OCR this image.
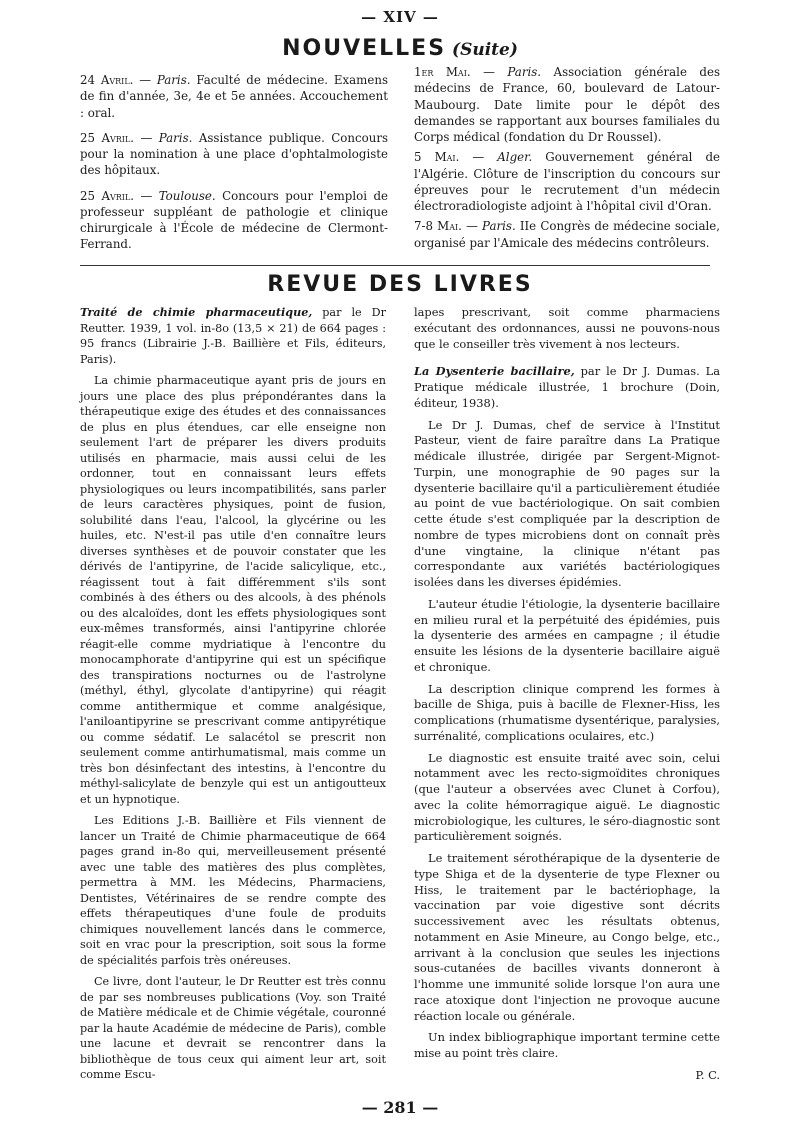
— XIV —
NOUVELLES (Suite)

24 Avril. — Paris. Faculté de médecine. Examens de fin d'année, 3e, 4e et 5e années. Accouchement : oral.

25 Avril. — Paris. Assistance publique. Concours pour la nomination à une place d'ophtalmologiste des hôpitaux.

25 Avril. — Toulouse. Concours pour l'emploi de professeur suppléant de pathologie et clinique chirurgicale à l'École de médecine de Clermont-Ferrand.

1er Mai. — Paris. Association générale des médecins de France, 60, boulevard de Latour-Maubourg. Date limite pour le dépôt des demandes se rapportant aux bourses familiales du Corps médical (fondation du Dr Roussel).

5 Mai. — Alger. Gouvernement général de l'Algérie. Clôture de l'inscription du concours sur épreuves pour le recrutement d'un médecin électroradiologiste adjoint à l'hôpital civil d'Oran.

7-8 Mai. — Paris. IIe Congrès de médecine sociale, organisé par l'Amicale des médecins contrôleurs.

REVUE DES LIVRES

Traité de chimie pharmaceutique, par le Dr Reutter. 1939, 1 vol. in-8o (13,5 × 21) de 664 pages : 95 francs (Librairie J.-B. Baillière et Fils, éditeurs, Paris).

La chimie pharmaceutique ayant pris de jours en jours une place des plus prépondérantes dans la thérapeutique exige des études et des connaissances de plus en plus étendues, car elle enseigne non seulement l'art de préparer les divers produits utilisés en pharmacie, mais aussi celui de les ordonner, tout en connaissant leurs effets physiologiques ou leurs incompatibilités, sans parler de leurs caractères physiques, point de fusion, solubilité dans l'eau, l'alcool, la glycérine ou les huiles, etc. N'est-il pas utile d'en connaître leurs diverses synthèses et de pouvoir constater que les dérivés de l'antipyrine, de l'acide salicylique, etc., réagissent tout à fait différemment s'ils sont combinés à des éthers ou des alcools, à des phénols ou des alcaloïdes, dont les effets physiologiques sont eux-mêmes transformés, ainsi l'antipyrine chlorée réagit-elle comme mydriatique à l'encontre du monocamphorate d'antipyrine qui est un spécifique des transpirations nocturnes ou de l'astrolyne (méthyl, éthyl, glycolate d'antipyrine) qui réagit comme antithermique et comme analgésique, l'aniloantipyrine se prescrivant comme antipyrétique ou comme sédatif. Le salacétol se prescrit non seulement comme antirhumatismal, mais comme un très bon désinfectant des intestins, à l'encontre du méthyl-salicylate de benzyle qui est un antigoutteux et un hypnotique.

Les Editions J.-B. Baillière et Fils viennent de lancer un Traité de Chimie pharmaceutique de 664 pages grand in-8o qui, merveilleusement présenté avec une table des matières des plus complètes, permettra à MM. les Médecins, Pharmaciens, Dentistes, Vétérinaires de se rendre compte des effets thérapeutiques d'une foule de produits chimiques nouvellement lancés dans le commerce, soit en vrac pour la prescription, soit sous la forme de spécialités parfois très onéreuses.

Ce livre, dont l'auteur, le Dr Reutter est très connu de par ses nombreuses publications (Voy. son Traité de Matière médicale et de Chimie végétale, couronné par la haute Académie de médecine de Paris), comble une lacune et devrait se rencontrer dans la bibliothèque de tous ceux qui aiment leur art, soit comme Escu-

lapes prescrivant, soit comme pharmaciens exécutant des ordonnances, aussi ne pouvons-nous que le conseiller très vivement à nos lecteurs.

La Dysenterie bacillaire, par le Dr J. Dumas. La Pratique médicale illustrée, 1 brochure (Doin, éditeur, 1938).

Le Dr J. Dumas, chef de service à l'Institut Pasteur, vient de faire paraître dans La Pratique médicale illustrée, dirigée par Sergent-Mignot-Turpin, une monographie de 90 pages sur la dysenterie bacillaire qu'il a particulièrement étudiée au point de vue bactériologique. On sait combien cette étude s'est compliquée par la description de nombre de types microbiens dont on connaît près d'une vingtaine, la clinique n'étant pas correspondante aux variétés bactériologiques isolées dans les diverses épidémies.

L'auteur étudie l'étiologie, la dysenterie bacillaire en milieu rural et la perpétuité des épidémies, puis la dysenterie des armées en campagne ; il étudie ensuite les lésions de la dysenterie bacillaire aiguë et chronique.

La description clinique comprend les formes à bacille de Shiga, puis à bacille de Flexner-Hiss, les complications (rhumatisme dysentérique, paralysies, surrénalité, complications oculaires, etc.)

Le diagnostic est ensuite traité avec soin, celui notamment avec les recto-sigmoïdites chroniques (que l'auteur a observées avec Clunet à Corfou), avec la colite hémorragique aiguë. Le diagnostic microbiologique, les cultures, le séro-diagnostic sont particulièrement soignés.

Le traitement sérothérapique de la dysenterie de type Shiga et de la dysenterie de type Flexner ou Hiss, le traitement par le bactériophage, la vaccination par voie digestive sont décrits successivement avec les résultats obtenus, notamment en Asie Mineure, au Congo belge, etc., arrivant à la conclusion que seules les injections sous-cutanées de bacilles vivants donneront à l'homme une immunité solide lorsque l'on aura une race atoxique dont l'injection ne provoque aucune réaction locale ou générale.

Un index bibliographique important termine cette mise au point très claire.

P. C.

— 281 —
